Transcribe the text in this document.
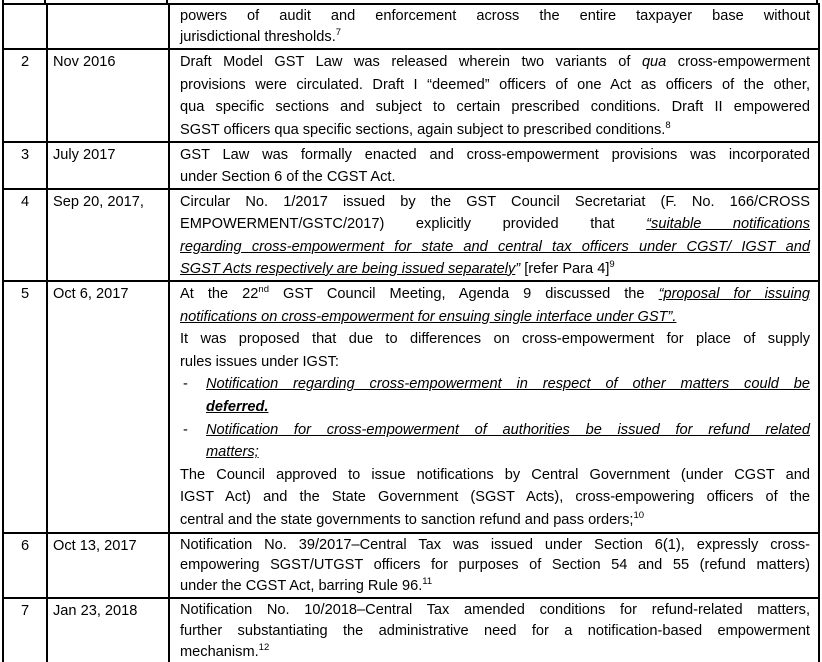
		powers of audit and enforcement across the entire taxpayer base without
jurisdictional thresholds.$^7$

2	Nov 2016	Draft Model GST Law was released wherein two variants of qua cross-empowerment
provisions were circulated. Draft I “deemed” officers of one Act as officers of the other,
qua specific sections and subject to certain prescribed conditions. Draft II empowered
SGST officers qua specific sections, again subject to prescribed conditions.$^8$

3	July 2017	GST Law was formally enacted and cross-empowerment provisions was incorporated
under Section 6 of the CGST Act.

4	Sep 20, 2017,	Circular No. 1/2017 issued by the GST Council Secretariat (F. No. 166/CROSS
EMPOWERMENT/GSTC/2017) explicitly provided that “suitable notifications
regarding cross-empowerment for state and central tax officers under CGST/ IGST and
SGST Acts respectively are being issued separately” [refer Para 4]$^9$

5	Oct 6, 2017	At the 22nd GST Council Meeting, Agenda 9 discussed the “proposal for issuing
notifications on cross-empowerment for ensuing single interface under GST”.
It was proposed that due to differences on cross-empowerment for place of supply
rules issues under IGST:
- Notification regarding cross-empowerment in respect of other matters could be
deferred.
- Notification for cross-empowerment of authorities be issued for refund related
matters;
The Council approved to issue notifications by Central Government (under CGST and
IGST Act) and the State Government (SGST Acts), cross-empowering officers of the
central and the state governments to sanction refund and pass orders;$^{10}$

6	Oct 13, 2017	Notification No. 39/2017–Central Tax was issued under Section 6(1), expressly cross-
empowering SGST/UTGST officers for purposes of Section 54 and 55 (refund matters)
under the CGST Act, barring Rule 96.11

7	Jan 23, 2018	Notification No. 10/2018–Central Tax amended conditions for refund-related matters,
further substantiating the administrative need for a notification-based empowerment
mechanism.$^{12}$
